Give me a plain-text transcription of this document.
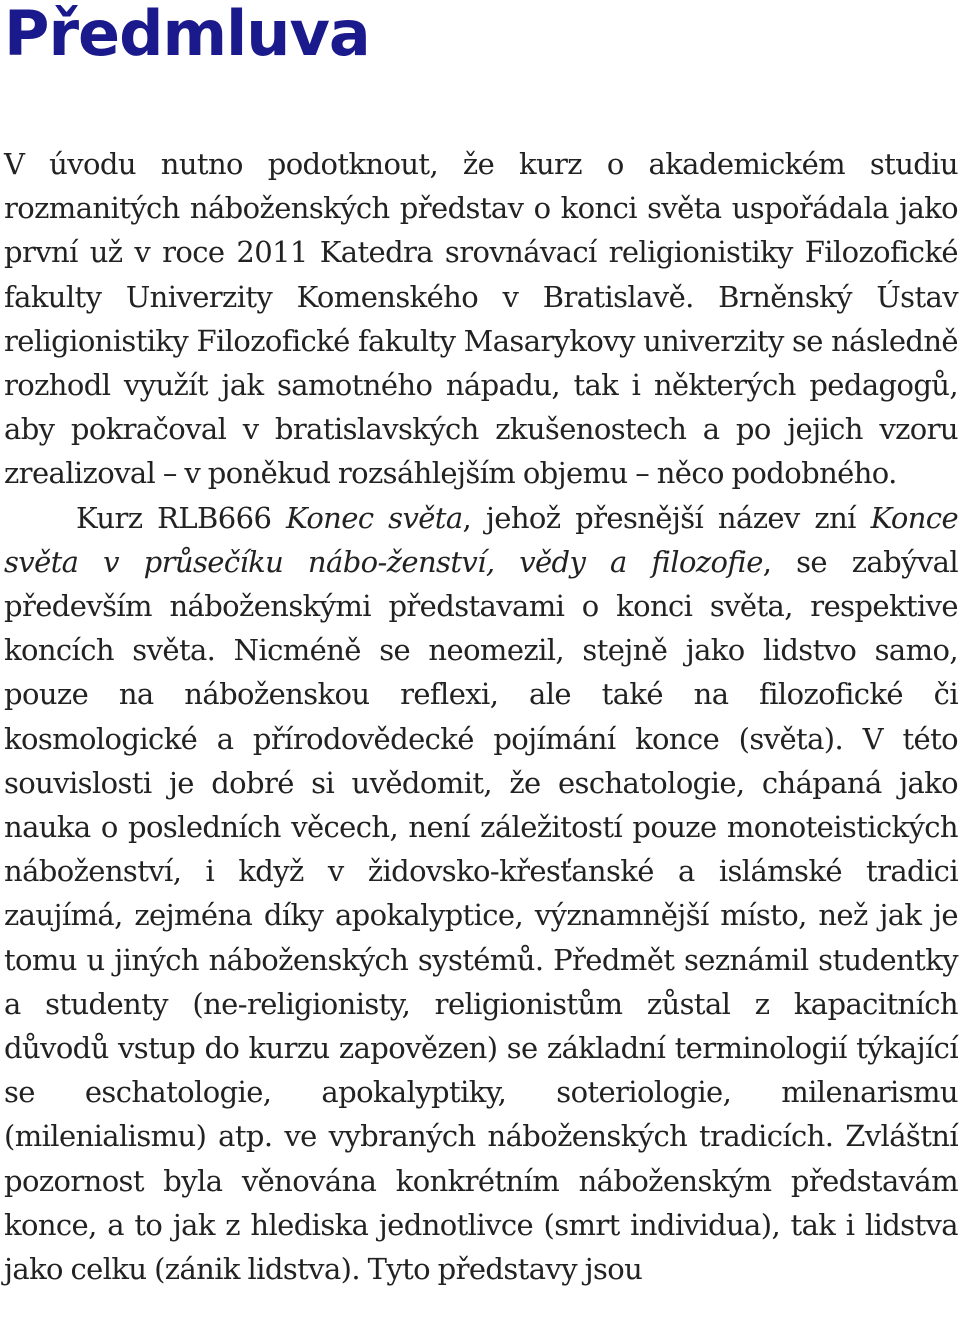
Předmluva

V úvodu nutno podotknout, že kurz o akademickém studiu rozmanitých náboženských představ o konci světa uspořádala jako první už v roce 2011 Katedra srovnávací religionistiky Filozofické fakulty Univerzity Komenského v Bratislavě. Brněnský Ústav religionistiky Filozofické fakulty Masarykovy univerzity se následně rozhodl využít jak samotného nápadu, tak i některých pedagogů, aby pokračoval v bratislavských zkušenostech a po jejich vzoru zrealizoval – v poněkud rozsáhlejším objemu – něco podobného.

Kurz RLB666 Konec světa, jehož přesnější název zní Konce světa v průsečíku nábo-ženství, vědy a filozofie, se zabýval především náboženskými představami o konci světa, respektive koncích světa. Nicméně se neomezil, stejně jako lidstvo samo, pouze na náboženskou reflexi, ale také na filozofické či kosmologické a přírodovědecké pojímání konce (světa). V této souvislosti je dobré si uvědomit, že eschatologie, chápaná jako nauka o posledních věcech, není záležitostí pouze monoteistických náboženství, i když v židovsko-křesťanské a islámské tradici zaujímá, zejména díky apokalyptice, významnější místo, než jak je tomu u jiných náboženských systémů. Předmět seznámil studentky a studenty (ne-religionisty, religionistům zůstal z kapacitních důvodů vstup do kurzu zapovězen) se základní terminologií týkající se eschatologie, apokalyptiky, soteriologie, milenarismu (milenialismu) atp. ve vybraných náboženských tradicích. Zvláštní pozornost byla věnována konkrétním náboženským představám konce, a to jak z hlediska jednotlivce (smrt individua), tak i lidstva jako celku (zánik lidstva). Tyto představy jsou
